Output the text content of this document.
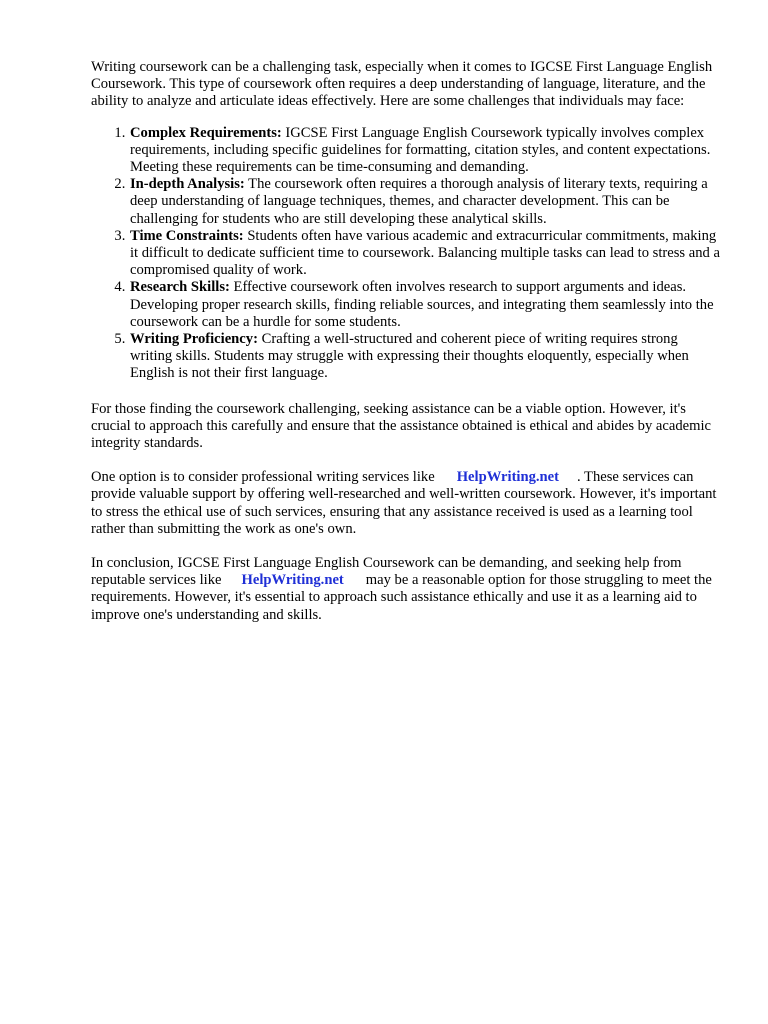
Writing coursework can be a challenging task, especially when it comes to IGCSE First Language English Coursework. This type of coursework often requires a deep understanding of language, literature, and the ability to analyze and articulate ideas effectively. Here are some challenges that individuals may face:

1. Complex Requirements: IGCSE First Language English Coursework typically involves complex requirements, including specific guidelines for formatting, citation styles, and content expectations. Meeting these requirements can be time-consuming and demanding.
2. In-depth Analysis: The coursework often requires a thorough analysis of literary texts, requiring a deep understanding of language techniques, themes, and character development. This can be challenging for students who are still developing these analytical skills.
3. Time Constraints: Students often have various academic and extracurricular commitments, making it difficult to dedicate sufficient time to coursework. Balancing multiple tasks can lead to stress and a compromised quality of work.
4. Research Skills: Effective coursework often involves research to support arguments and ideas. Developing proper research skills, finding reliable sources, and integrating them seamlessly into the coursework can be a hurdle for some students.
5. Writing Proficiency: Crafting a well-structured and coherent piece of writing requires strong writing skills. Students may struggle with expressing their thoughts eloquently, especially when English is not their first language.

For those finding the coursework challenging, seeking assistance can be a viable option. However, it's crucial to approach this carefully and ensure that the assistance obtained is ethical and abides by academic integrity standards.

One option is to consider professional writing services like HelpWriting.net . These services can provide valuable support by offering well-researched and well-written coursework. However, it's important to stress the ethical use of such services, ensuring that any assistance received is used as a learning tool rather than submitting the work as one's own.

In conclusion, IGCSE First Language English Coursework can be demanding, and seeking help from reputable services like HelpWriting.net may be a reasonable option for those struggling to meet the requirements. However, it's essential to approach such assistance ethically and use it as a learning aid to improve one's understanding and skills.
